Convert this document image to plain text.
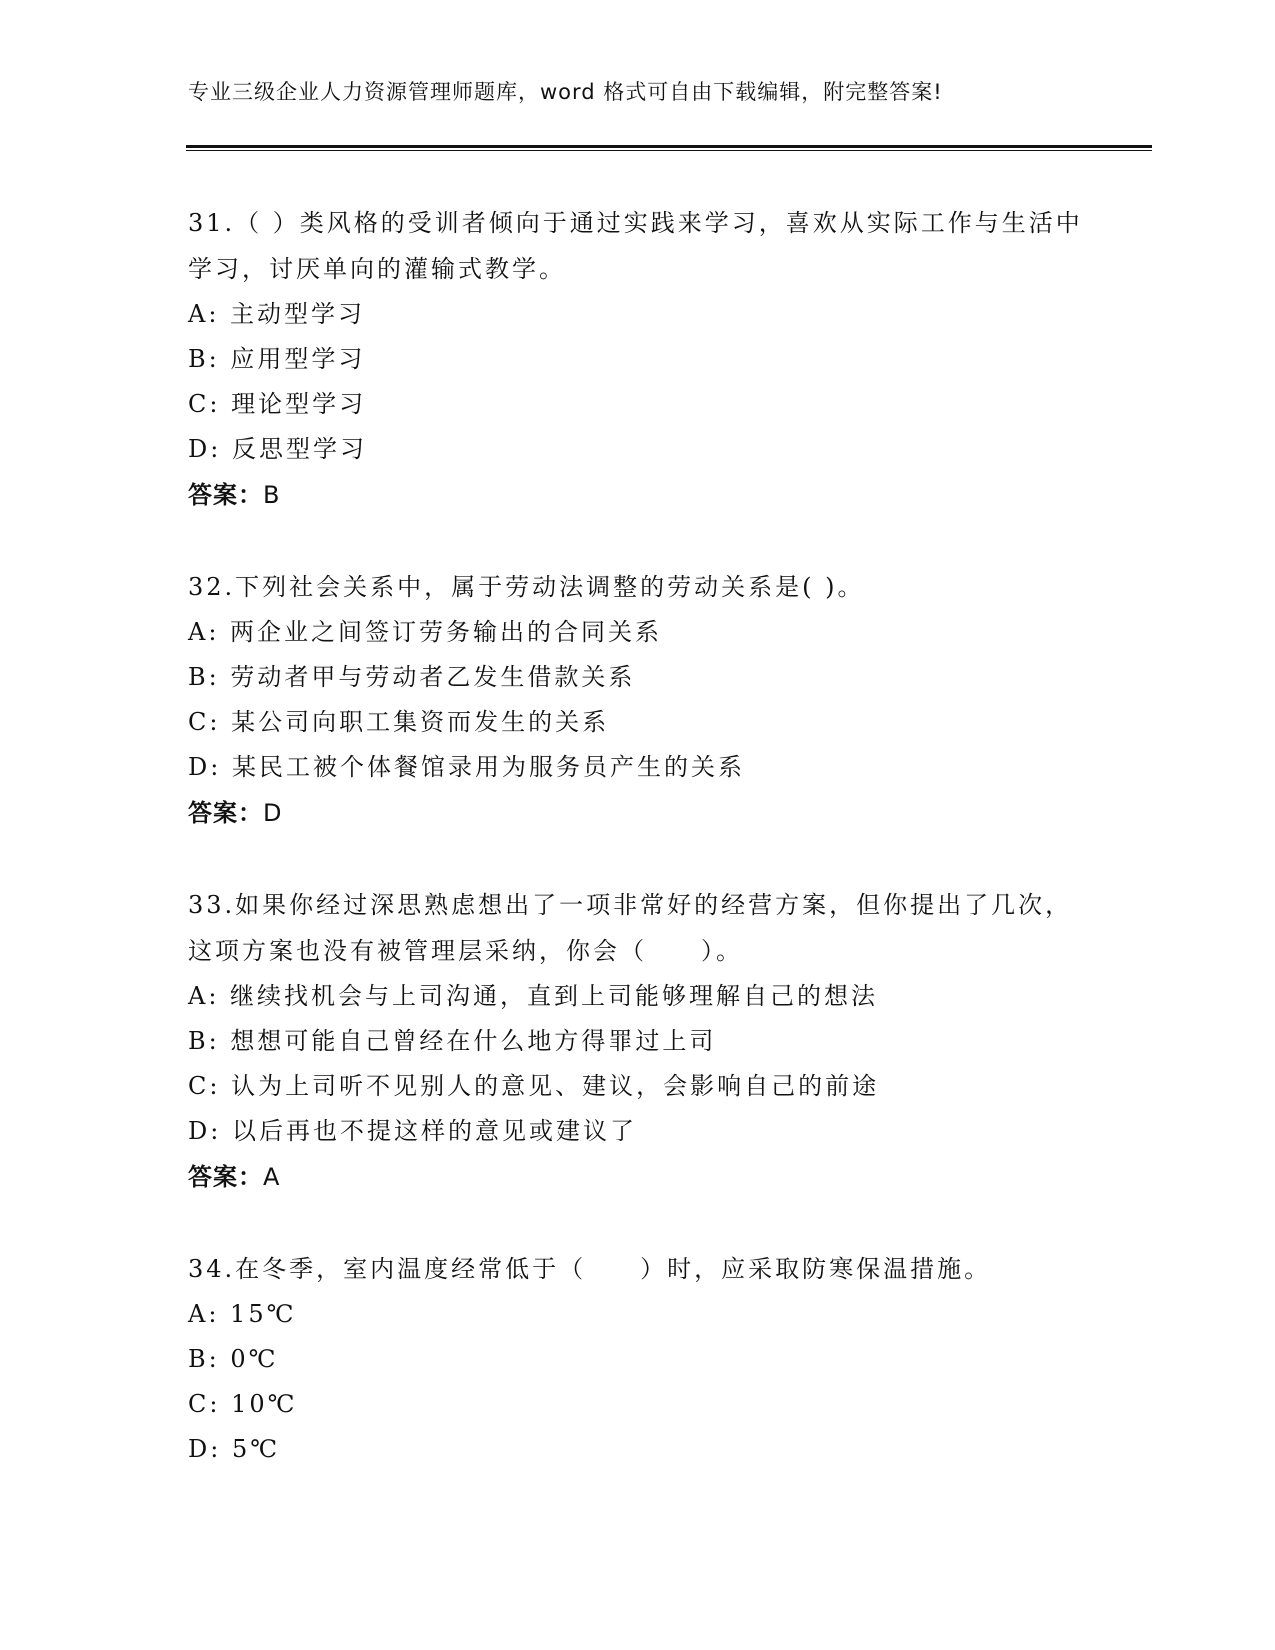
专业三级企业人力资源管理师题库，word 格式可自由下载编辑，附完整答案!

31.（ ）类风格的受训者倾向于通过实践来学习，喜欢从实际工作与生活中学习，讨厌单向的灌输式教学。

A: 主动型学习
B: 应用型学习
C: 理论型学习
D: 反思型学习
答案：B

32.下列社会关系中，属于劳动法调整的劳动关系是( )。

A: 两企业之间签订劳务输出的合同关系
B: 劳动者甲与劳动者乙发生借款关系
C: 某公司向职工集资而发生的关系
D: 某民工被个体餐馆录用为服务员产生的关系
答案：D

33.如果你经过深思熟虑想出了一项非常好的经营方案，但你提出了几次，这项方案也没有被管理层采纳，你会（　　）。

A: 继续找机会与上司沟通，直到上司能够理解自己的想法
B: 想想可能自己曾经在什么地方得罪过上司
C: 认为上司听不见别人的意见、建议，会影响自己的前途
D: 以后再也不提这样的意见或建议了
答案：A

34.在冬季，室内温度经常低于（　　）时，应采取防寒保温措施。

A: 15℃
B: 0℃
C: 10℃
D: 5℃
